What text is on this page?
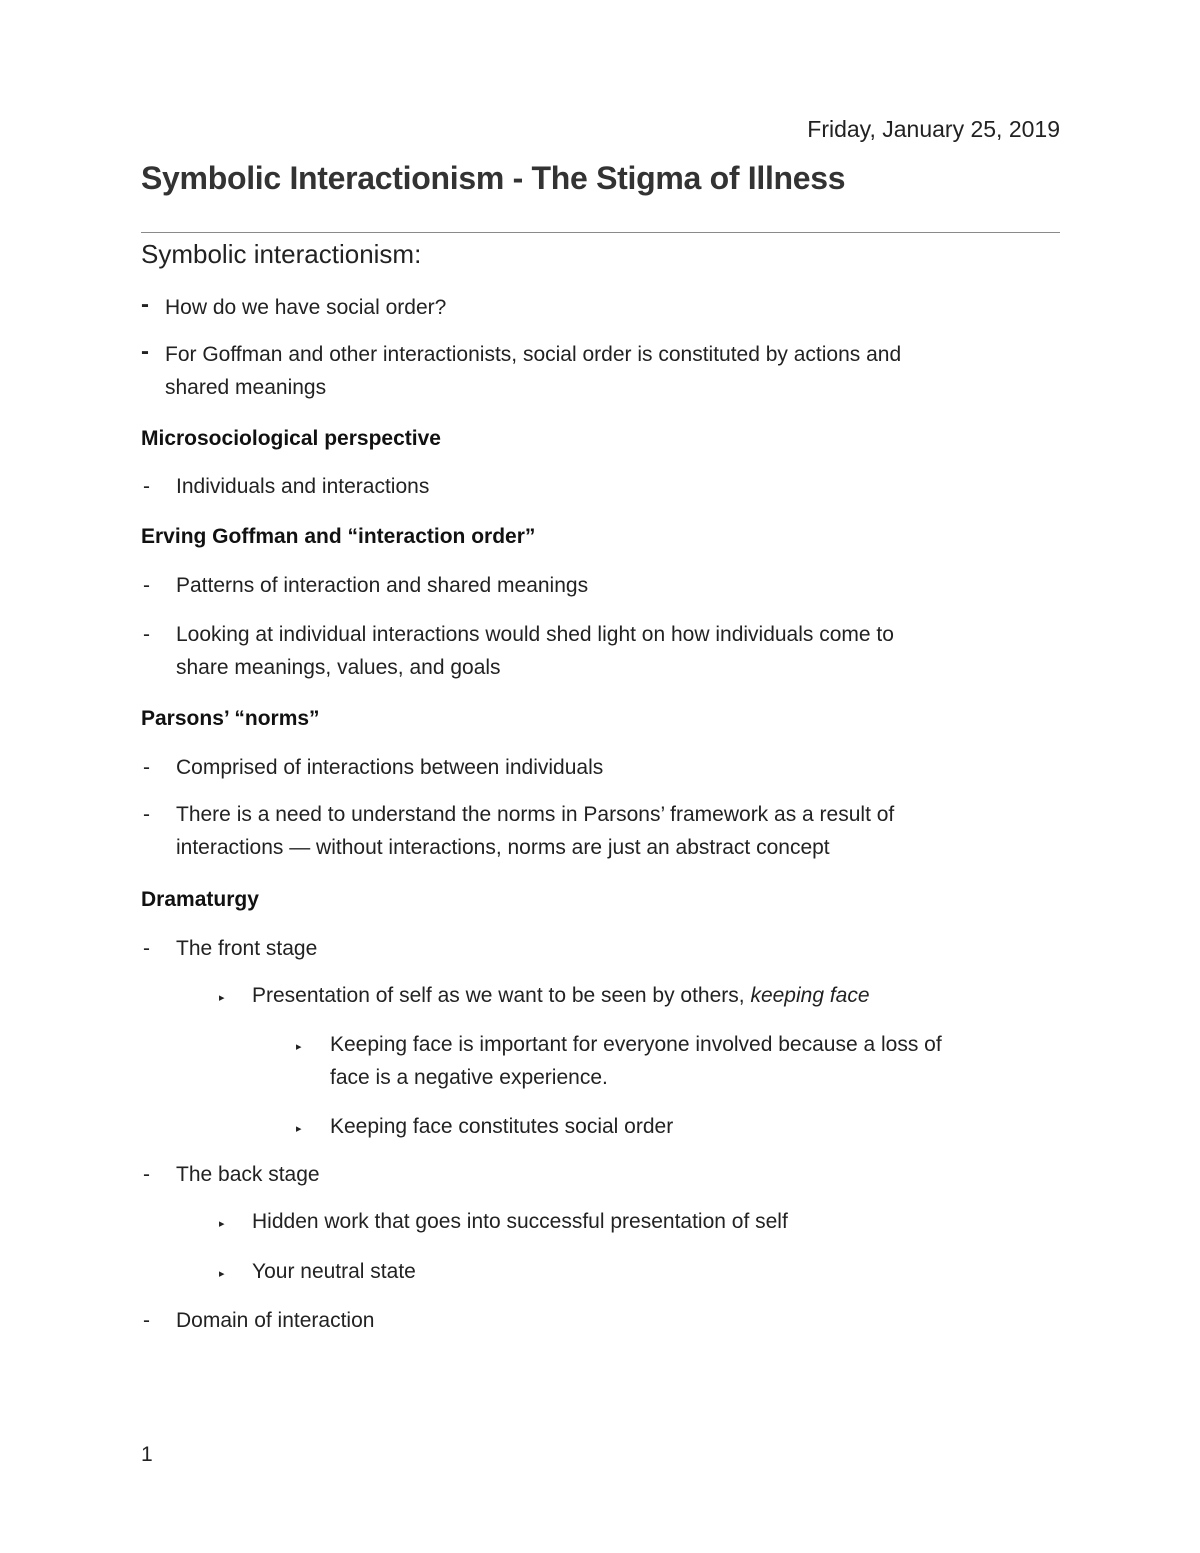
Friday, January 25, 2019
Symbolic Interactionism - The Stigma of Illness
Symbolic interactionism:
- How do we have social order?
- For Goffman and other interactionists, social order is constituted by actions and
shared meanings
Microsociological perspective
- Individuals and interactions
Erving Goffman and “interaction order”
- Patterns of interaction and shared meanings
- Looking at individual interactions would shed light on how individuals come to
share meanings, values, and goals
Parsons’ “norms”
- Comprised of interactions between individuals
- There is a need to understand the norms in Parsons’ framework as a result of
interactions — without interactions, norms are just an abstract concept
Dramaturgy
- The front stage
▸ Presentation of self as we want to be seen by others, keeping face
▸ Keeping face is important for everyone involved because a loss of
face is a negative experience.
▸ Keeping face constitutes social order
- The back stage
▸ Hidden work that goes into successful presentation of self
▸ Your neutral state
- Domain of interaction
1
